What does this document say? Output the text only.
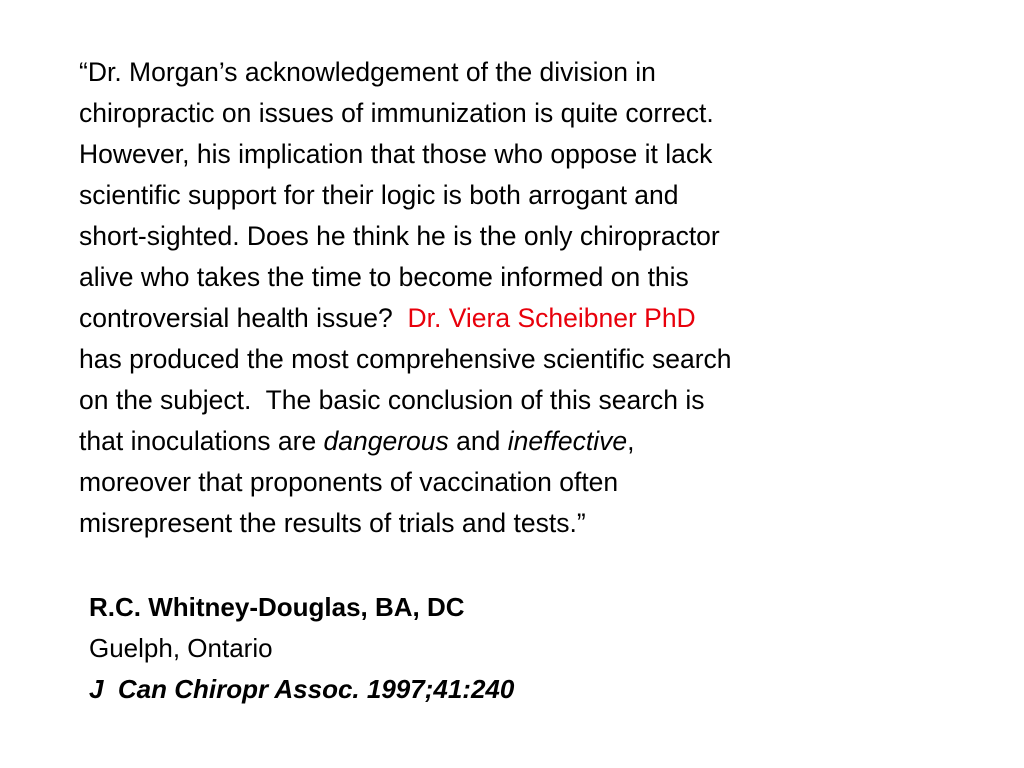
“Dr. Morgan’s acknowledgement of the division in
chiropractic on issues of immunization is quite correct.
However, his implication that those who oppose it lack
scientific support for their logic is both arrogant and
short-sighted. Does he think he is the only chiropractor
alive who takes the time to become informed on this
controversial health issue?  Dr. Viera Scheibner PhD
has produced the most comprehensive scientific search
on the subject.  The basic conclusion of this search is
that inoculations are dangerous and ineffective,
moreover that proponents of vaccination often
misrepresent the results of trials and tests.”
R.C. Whitney-Douglas, BA, DC
Guelph, Ontario
J  Can Chiropr Assoc. 1997;41:240
